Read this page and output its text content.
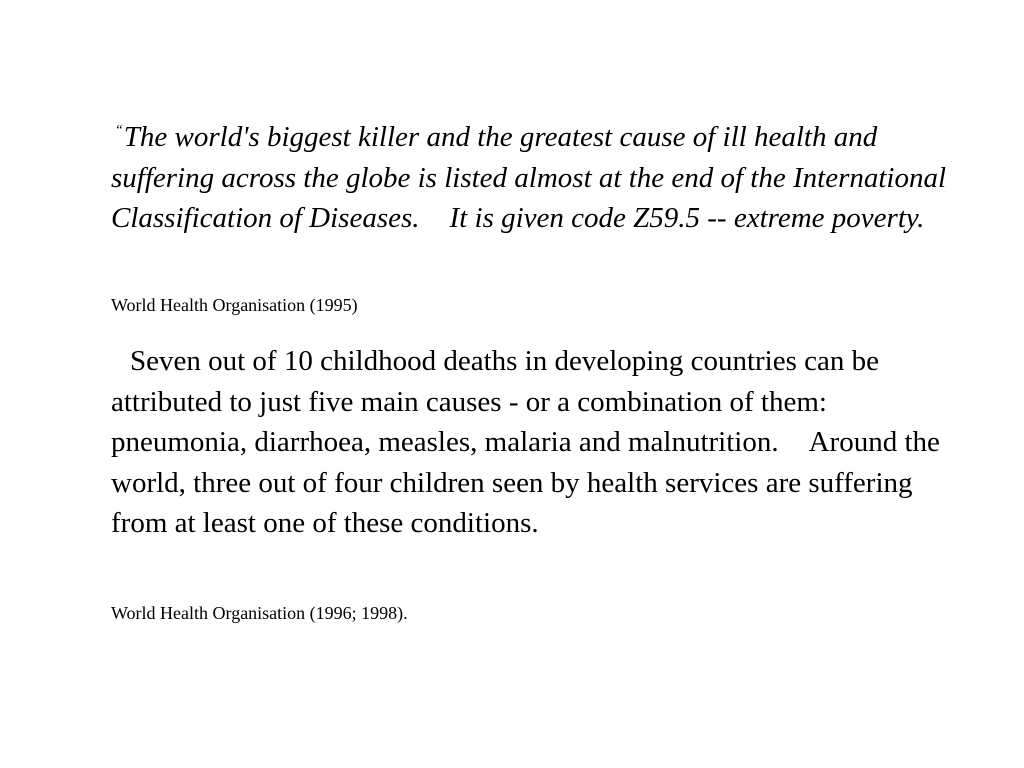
“The world's biggest killer and the greatest cause of ill health and suffering across the globe is listed almost at the end of the International Classification of Diseases. It is given code Z59.5 -- extreme poverty.

World Health Organisation (1995)

Seven out of 10 childhood deaths in developing countries can be attributed to just five main causes - or a combination of them: pneumonia, diarrhoea, measles, malaria and malnutrition. Around the world, three out of four children seen by health services are suffering from at least one of these conditions.

World Health Organisation (1996; 1998).
